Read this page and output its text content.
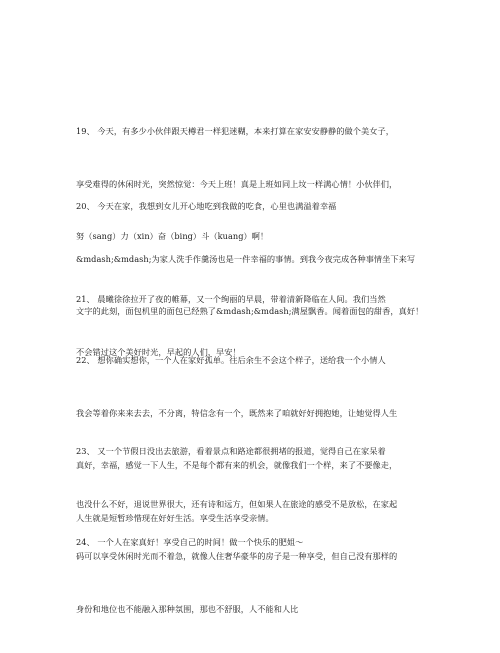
19、 今天，有多少小伙伴跟天樽君一样犯迷糊，本来打算在家安安静静的做个美女子，

享受难得的休闲时光，突然惊觉：今天上班！真是上班如同上坟一样满心情！小伙伴们，

努（sang）力（xin）奋（bing）斗（kuang）啊！

20、 今天在家，我想到女儿开心地吃到我做的吃食，心里也满溢着幸福

&mdash;&mdash;为家人洗手作羹汤也是一件幸福的事情。到我今夜完成各种事情坐下来写

文字的此刻，面包机里的面包已经熟了&mdash;&mdash;满屋飘香。闻着面包的甜香，真好！

21、 晨曦徐徐拉开了夜的帷幕，又一个绚丽的早晨，带着清新降临在人间。我们当然

不会错过这个美好时光，早起的人们，早安！

22、 想你确实想你，一个人在家好孤单。往后余生不会这个样子，送给我一个小情人

我会等着你来来去去，不分离，特信念有一个，既然来了咱就好好拥抱她，让她觉得人生

真好，幸福，感觉一下人生，不是每个都有来的机会，就像我们一个样，来了不要像走，

人生就是短暂珍惜现在好好生活。享受生活享受亲情。

23、 又一个节假日没出去旅游，看着景点和路途都很拥堵的报道，觉得自己在家呆着

也没什么不好，退说世界很大，还有诗和远方，但如果人在旅途的感受不是放松，在家起

码可以享受休闲时光而不着急，就像人住奢华豪华的房子是一种享受，但自己没有那样的

身份和地位也不能融入那种氛围，那也不舒服，人不能和人比

24、 一个人在家真好！享受自己的时间！做一个快乐的肥姐～
